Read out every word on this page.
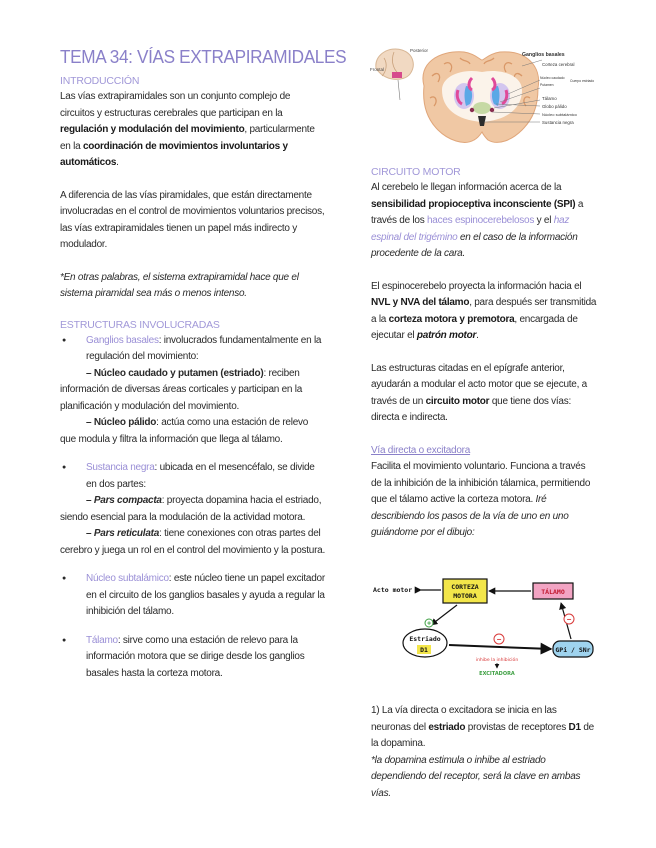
TEMA 34: VÍAS EXTRAPIRAMIDALES
INTRODUCCIÓN

Las vías extrapiramidales son un conjunto complejo de circuitos y estructuras cerebrales que participan en la regulación y modulación del movimiento, particularmente en la coordinación de movimientos involuntarios y automáticos.

A diferencia de las vías piramidales, que están directamente involucradas en el control de movimientos voluntarios precisos, las vías extrapiramidales tienen un papel más indirecto y modulador.

*En otras palabras, el sistema extrapiramidal hace que el sistema piramidal sea más o menos intenso.

ESTRUCTURAS INVOLUCRADAS
● Ganglios basales: involucrados fundamentalmente en la regulación del movimiento:

– Núcleo caudado y putamen (estriado): reciben información de diversas áreas corticales y participan en la planificación y modulación del movimiento.

– Núcleo pálido: actúa como una estación de relevo que modula y filtra la información que llega al tálamo.

● Sustancia negra: ubicada en el mesencéfalo, se divide en dos partes:

– Pars compacta: proyecta dopamina hacia el estriado, siendo esencial para la modulación de la actividad motora.

– Pars reticulata: tiene conexiones con otras partes del cerebro y juega un rol en el control del movimiento y la postura.

● Núcleo subtalámico: este núcleo tiene un papel excitador en el circuito de los ganglios basales y ayuda a regular la inhibición del tálamo.
● Tálamo: sirve como una estación de relevo para la información motora que se dirige desde los ganglios basales hasta la corteza motora.
Posterior
Frontal
Ganglios basales
Corteza cerebral
Núcleo caudado
Putamen
Cuerpo estriado
Tálamo
Globo pálido
Núcleo subtalámico
Sustancia negra
CIRCUITO MOTOR

Al cerebelo le llegan información acerca de la sensibilidad propioceptiva inconsciente (SPI) a través de los haces espinocerebelosos y el haz espinal del trigémino en el caso de la información procedente de la cara.

El espinocerebelo proyecta la información hacia el NVL y NVA del tálamo, para después ser transmitida a la corteza motora y premotora, encargada de ejecutar el patrón motor.

Las estructuras citadas en el epígrafe anterior, ayudarán a modular el acto motor que se ejecute, a través de un circuito motor que tiene dos vías: directa e indirecta.

Vía directa o excitadora

Facilita el movimiento voluntario. Funciona a través de la inhibición de la inhibición tálamica, permitiendo que el tálamo active la corteza motora. Iré describiendo los pasos de la vía de uno en uno guiándome por el dibujo:

Acto motor	CORTEZA
MOTORA	TÁLAMO
+
Estriado
D1
−
inhibe la inhibición
EXCITADORA
GPi / SNr
−

1) La vía directa o excitadora se inicia en las neuronas del estriado provistas de receptores D1 de la dopamina.

*la dopamina estimula o inhibe al estriado dependiendo del receptor, será la clave en ambas vías.
